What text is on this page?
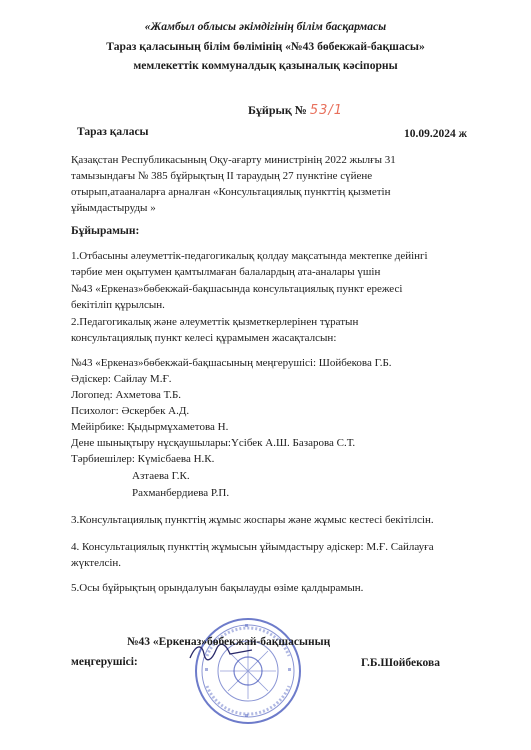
«Жамбыл облысы әкімдігінің білім басқармасы
Тараз қаласының білім бөлімінің «№43 бөбекжай-бақшасы»
мемлекеттік коммуналдық қазыналық кәсіпорны
Бұйрық № 53/1
Тараз қаласы	10.09.2024 ж
Қазақстан Республикасының Оқу-ағарту министрінің 2022 жылғы 31
тамызындағы № 385 бұйрықтың II тараудың 27 пунктіне сүйене
отырып,атааналарға арналған «Консультациялық пункттің қызметін
ұйымдастыруды »
Бұйырамын:
1.Отбасыны әлеуметтік-педагогикалық қолдау мақсатында мектепке дейінгі
тәрбие мен оқытумен қамтылмаған балалардың ата-аналары үшін
№43 «Еркеназ»бөбекжай-бақшасында консультациялық пункт ережесі
бекітіліп құрылсын.
2.Педагогикалық және әлеуметтік қызметкерлерінен тұратын
консультациялық пункт келесі құрамымен жасақталсын:
№43 «Еркеназ»бөбекжай-бақшасының меңгерушісі: Шойбекова Г.Б.
Әдіскер: Сайлау М.Ғ.
Логопед: Ахметова Т.Б.
Психолог: Әскербек А.Д.
Мейірбике: Қыдырмұхаметова Н.
Дене шынықтыру нұсқаушылары:Үсібек А.Ш. Базарова С.Т.
Тәрбиешілер: Күмісбаева Н.К.
Азтаева Г.К.
Рахманбердиева Р.П.
3.Консультациялық пункттің жұмыс жоспары және жұмыс кестесі бекітілсін.
4. Консультациялық пункттің жұмысын ұйымдастыру әдіскер: М.Ғ. Сайлауға
жүктелсін.
5.Осы бұйрықтың орындалуын бақылауды өзіме қалдырамын.
№43 «Еркеназ»бөбекжай-бақшасының
меңгерушісі:	Г.Б.Шойбекова
